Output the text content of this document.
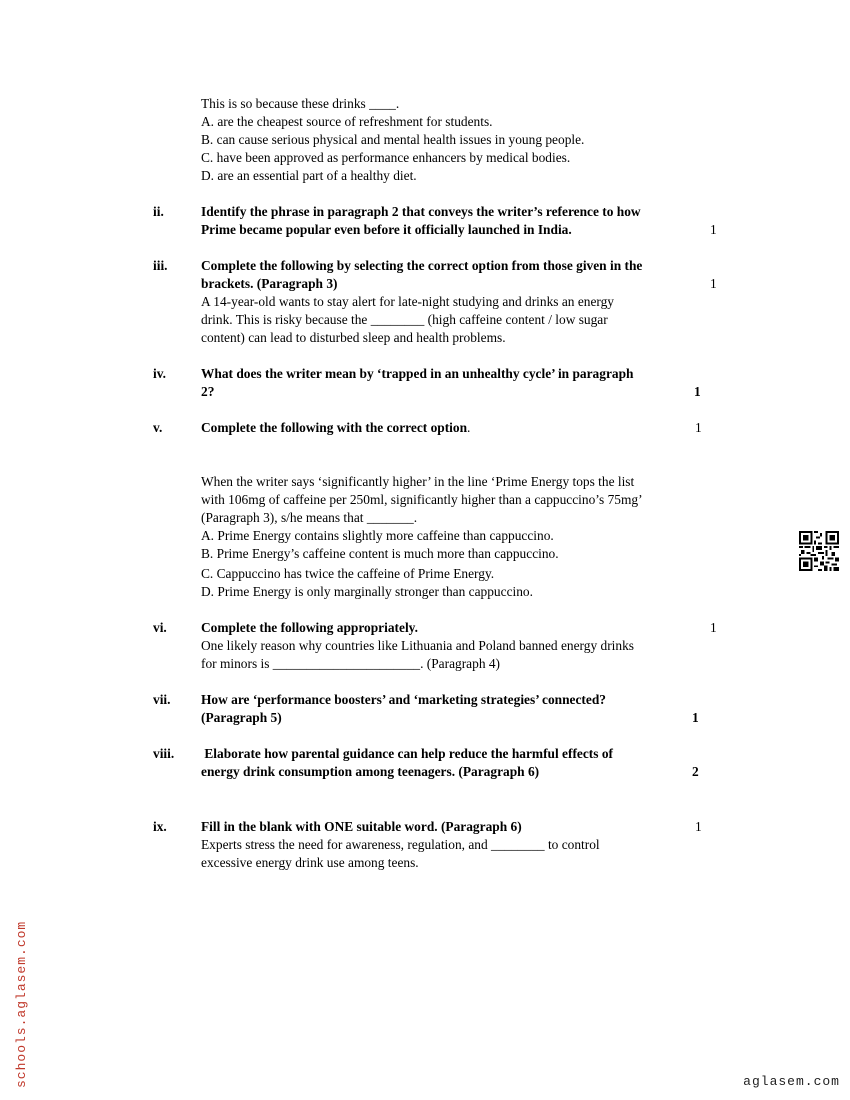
This is so because these drinks ____.
A. are the cheapest source of refreshment for students.
B. can cause serious physical and mental health issues in young people.
C. have been approved as performance enhancers by medical bodies.
D. are an essential part of a healthy diet.
ii.	Identify the phrase in paragraph 2 that conveys the writer’s reference to how
Prime became popular even before it officially launched in India.	1
iii. Complete the following by selecting the correct option from those given in the
brackets. (Paragraph 3)	1
A 14-year-old wants to stay alert for late-night studying and drinks an energy
drink. This is risky because the ________ (high caffeine content / low sugar
content) can lead to disturbed sleep and health problems.
iv.	What does the writer mean by ‘trapped in an unhealthy cycle’ in paragraph
2?	1
v.	Complete the following with the correct option.	1
When the writer says ‘significantly higher’ in the line ‘Prime Energy tops the list
with 106mg of caffeine per 250ml, significantly higher than a cappuccino’s 75mg’
(Paragraph 3), s/he means that _______.
A. Prime Energy contains slightly more caffeine than cappuccino.
B. Prime Energy’s caffeine content is much more than cappuccino.
C. Cappuccino has twice the caffeine of Prime Energy.
D. Prime Energy is only marginally stronger than cappuccino.
vi.	Complete the following appropriately.	1
One likely reason why countries like Lithuania and Poland banned energy drinks
for minors is ______________________. (Paragraph 4)
vii. How are ‘performance boosters’ and ‘marketing strategies’ connected?
(Paragraph 5)	1
viii. Elaborate how parental guidance can help reduce the harmful effects of
energy drink consumption among teenagers. (Paragraph 6)	2
ix.	Fill in the blank with ONE suitable word. (Paragraph 6)	1
Experts stress the need for awareness, regulation, and ________ to control
excessive energy drink use among teens.
schools.aglasem.com	aglasem.com
